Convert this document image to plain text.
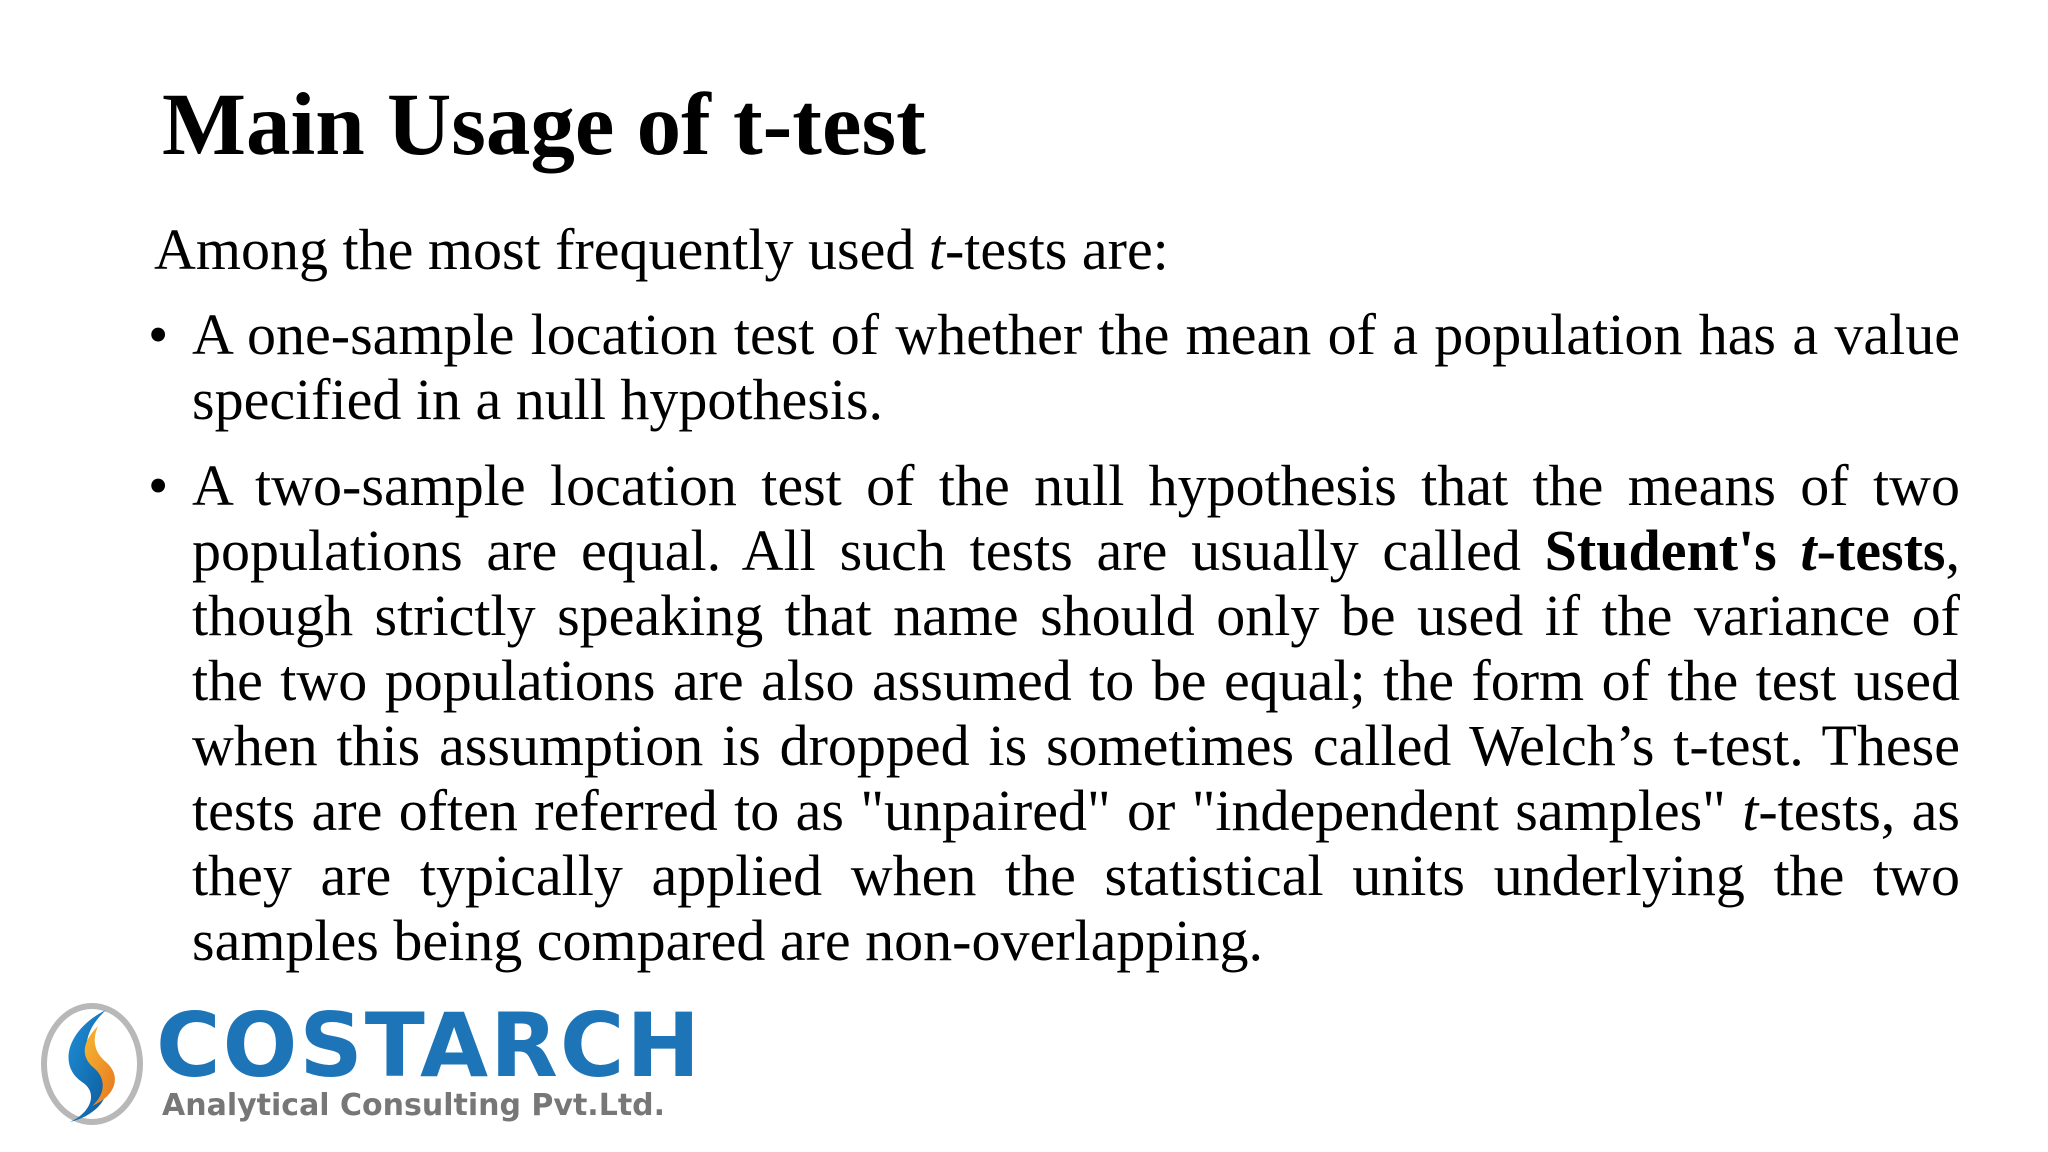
Main Usage of t-test
Among the most frequently used t-tests are:
• A one-sample location test of whether the mean of a population has a value specified in a null hypothesis.
• A two-sample location test of the null hypothesis that the means of two populations are equal. All such tests are usually called Student's t-tests, though strictly speaking that name should only be used if the variance of the two populations are also assumed to be equal; the form of the test used when this assumption is dropped is sometimes called Welch’s t-test. These tests are often referred to as "unpaired" or "independent samples" t-tests, as they are typically applied when the statistical units underlying the two samples being compared are non-overlapping.
COSTARCH
Analytical Consulting Pvt.Ltd.
